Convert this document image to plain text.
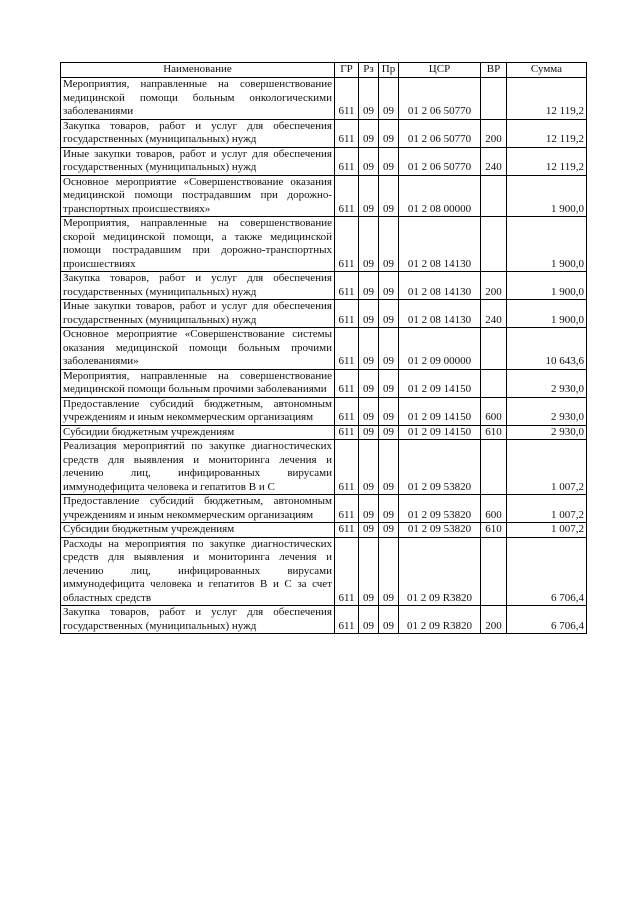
Наименование	ГР	Рз	Пр	ЦСР	ВР	Сумма
Мероприятия, направленные на совершенствование медицинской помощи больным онкологическими заболеваниями	611	09	09	01 2 06 50770		12 119,2
Закупка товаров, работ и услуг для обеспечения государственных (муниципальных) нужд	611	09	09	01 2 06 50770	200	12 119,2
Иные закупки товаров, работ и услуг для обеспечения государственных (муниципальных) нужд	611	09	09	01 2 06 50770	240	12 119,2
Основное мероприятие «Совершенствование оказания медицинской помощи пострадавшим при дорожно-транспортных происшествиях»	611	09	09	01 2 08 00000		1 900,0
Мероприятия, направленные на совершенствование скорой медицинской помощи, а также медицинской помощи пострадавшим при дорожно-транспортных происшествиях	611	09	09	01 2 08 14130		1 900,0
Закупка товаров, работ и услуг для обеспечения государственных (муниципальных) нужд	611	09	09	01 2 08 14130	200	1 900,0
Иные закупки товаров, работ и услуг для обеспечения государственных (муниципальных) нужд	611	09	09	01 2 08 14130	240	1 900,0
Основное мероприятие «Совершенствование системы оказания медицинской помощи больным прочими заболеваниями»	611	09	09	01 2 09 00000		10 643,6
Мероприятия, направленные на совершенствование медицинской помощи больным прочими заболеваниями	611	09	09	01 2 09 14150		2 930,0
Предоставление субсидий бюджетным, автономным учреждениям и иным некоммерческим организациям	611	09	09	01 2 09 14150	600	2 930,0
Субсидии бюджетным учреждениям	611	09	09	01 2 09 14150	610	2 930,0
Реализация мероприятий по закупке диагностических средств для выявления и мониторинга лечения и лечению лиц, инфицированных вирусами иммунодефицита человека и гепатитов В и С	611	09	09	01 2 09 53820		1 007,2
Предоставление субсидий бюджетным, автономным учреждениям и иным некоммерческим организациям	611	09	09	01 2 09 53820	600	1 007,2
Субсидии бюджетным учреждениям	611	09	09	01 2 09 53820	610	1 007,2
Расходы на мероприятия по закупке диагностических средств для выявления и мониторинга лечения и лечению лиц, инфицированных вирусами иммунодефицита человека и гепатитов В и С за счет областных средств	611	09	09	01 2 09 R3820		6 706,4
Закупка товаров, работ и услуг для обеспечения государственных (муниципальных) нужд	611	09	09	01 2 09 R3820	200	6 706,4
